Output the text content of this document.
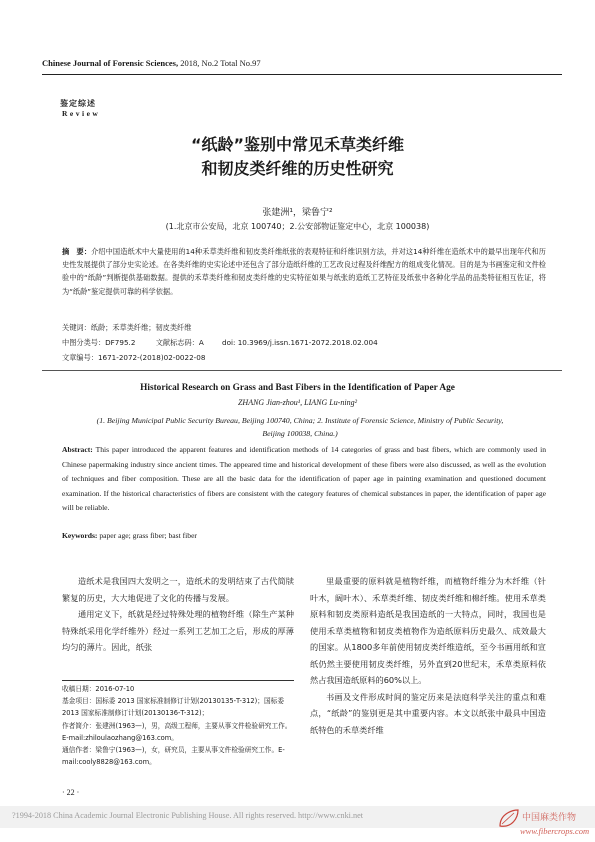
Chinese Journal of Forensic Sciences, 2018, No.2 Total No.97
鉴定综述
Review
“纸龄”鉴别中常见禾草类纤维
和韧皮类纤维的历史性研究
张建洲¹，梁鲁宁²
(1.北京市公安局，北京 100740；2.公安部物证鉴定中心，北京 100038)
摘　要：介绍中国造纸术中大量使用的14种禾草类纤维和韧皮类纤维纸张的表观特征和纤维识别方法，并对这14种纤维在造纸术中的最早出现年代和历史性发展提供了部分史实论述。在各类纤维的史实论述中还包含了部分造纸纤维的工艺改良过程及纤维配方的组成变化情况。目的是为书画鉴定和文件检验中的“纸龄”判断提供基础数据。提供的禾草类纤维和韧皮类纤维的史实特征如果与纸张的造纸工艺特征及纸张中各种化学品的品类特征相互佐证，将为“纸龄”鉴定提供可靠的科学依据。
关键词：纸龄；禾草类纤维；韧皮类纤维
中图分类号：DF795.2	文献标志码：A	doi: 10.3969/j.issn.1671-2072.2018.02.004
文章编号：1671-2072-(2018)02-0022-08
Historical Research on Grass and Bast Fibers in the Identification of Paper Age
ZHANG Jian-zhou¹, LIANG Lu-ning²
(1. Beijing Municipal Public Security Bureau, Beijing 100740, China; 2. Institute of Forensic Science, Ministry of Public Security, Beijing 100038, China.)
Abstract: This paper introduced the apparent features and identification methods of 14 categories of grass and bast fibers, which are commonly used in Chinese papermaking industry since ancient times. The appeared time and historical development of these fibers were also discussed, as well as the evolution of techniques and fiber composition. These are all the basic data for the identification of paper age in painting examination and questioned document examination. If the historical characteristics of fibers are consistent with the category features of chemical substances in paper, the identification of paper age will be reliable.
Keywords: paper age; grass fiber; bast fiber

造纸术是我国四大发明之一，造纸术的发明结束了古代简牍繁复的历史，大大地促进了文化的传播与发展。

通用定义下，纸就是经过特殊处理的植物纤维（除生产某种特殊纸采用化学纤维外）经过一系列工艺加工之后，形成的厚薄均匀的薄片。因此，纸张

收稿日期：2016-07-10
基金项目：国标委 2013 国家标准制修订计划(20130135-T-312)；国标委 2013 国家标准制修订计划(20130136-T-312)；
作者简介：张建洲(1963—)，男，高级工程师，主要从事文件检验研究工作。E-mail:zhiloulaozhang@163.com。
通信作者：梁鲁宁(1963—)，女，研究员，主要从事文件检验研究工作。E-mail:cooly8828@163.com。

里最重要的原料就是植物纤维，而植物纤维分为木纤维（针叶木，阔叶木）、禾草类纤维、韧皮类纤维和棉纤维。使用禾草类原料和韧皮类原料造纸是我国造纸的一大特点，同时，我国也是使用禾草类植物和韧皮类植物作为造纸原料历史最久、成效最大的国家。从1800多年前使用韧皮类纤维造纸，至今书画用纸和宣纸仍然主要使用韧皮类纤维，另外直到20世纪末，禾草类原料依然占我国造纸原料的60%以上。

书画及文件形成时间的鉴定历来是法庭科学关注的重点和难点，“纸龄”的鉴别更是其中重要内容。本文以纸张中最具中国造纸特色的禾草类纤维

· 22 ·
?1994-2018 China Academic Journal Electronic Publishing House. All rights reserved. http://www.cnki.net	中国麻类作物
www.fibercrops.com
